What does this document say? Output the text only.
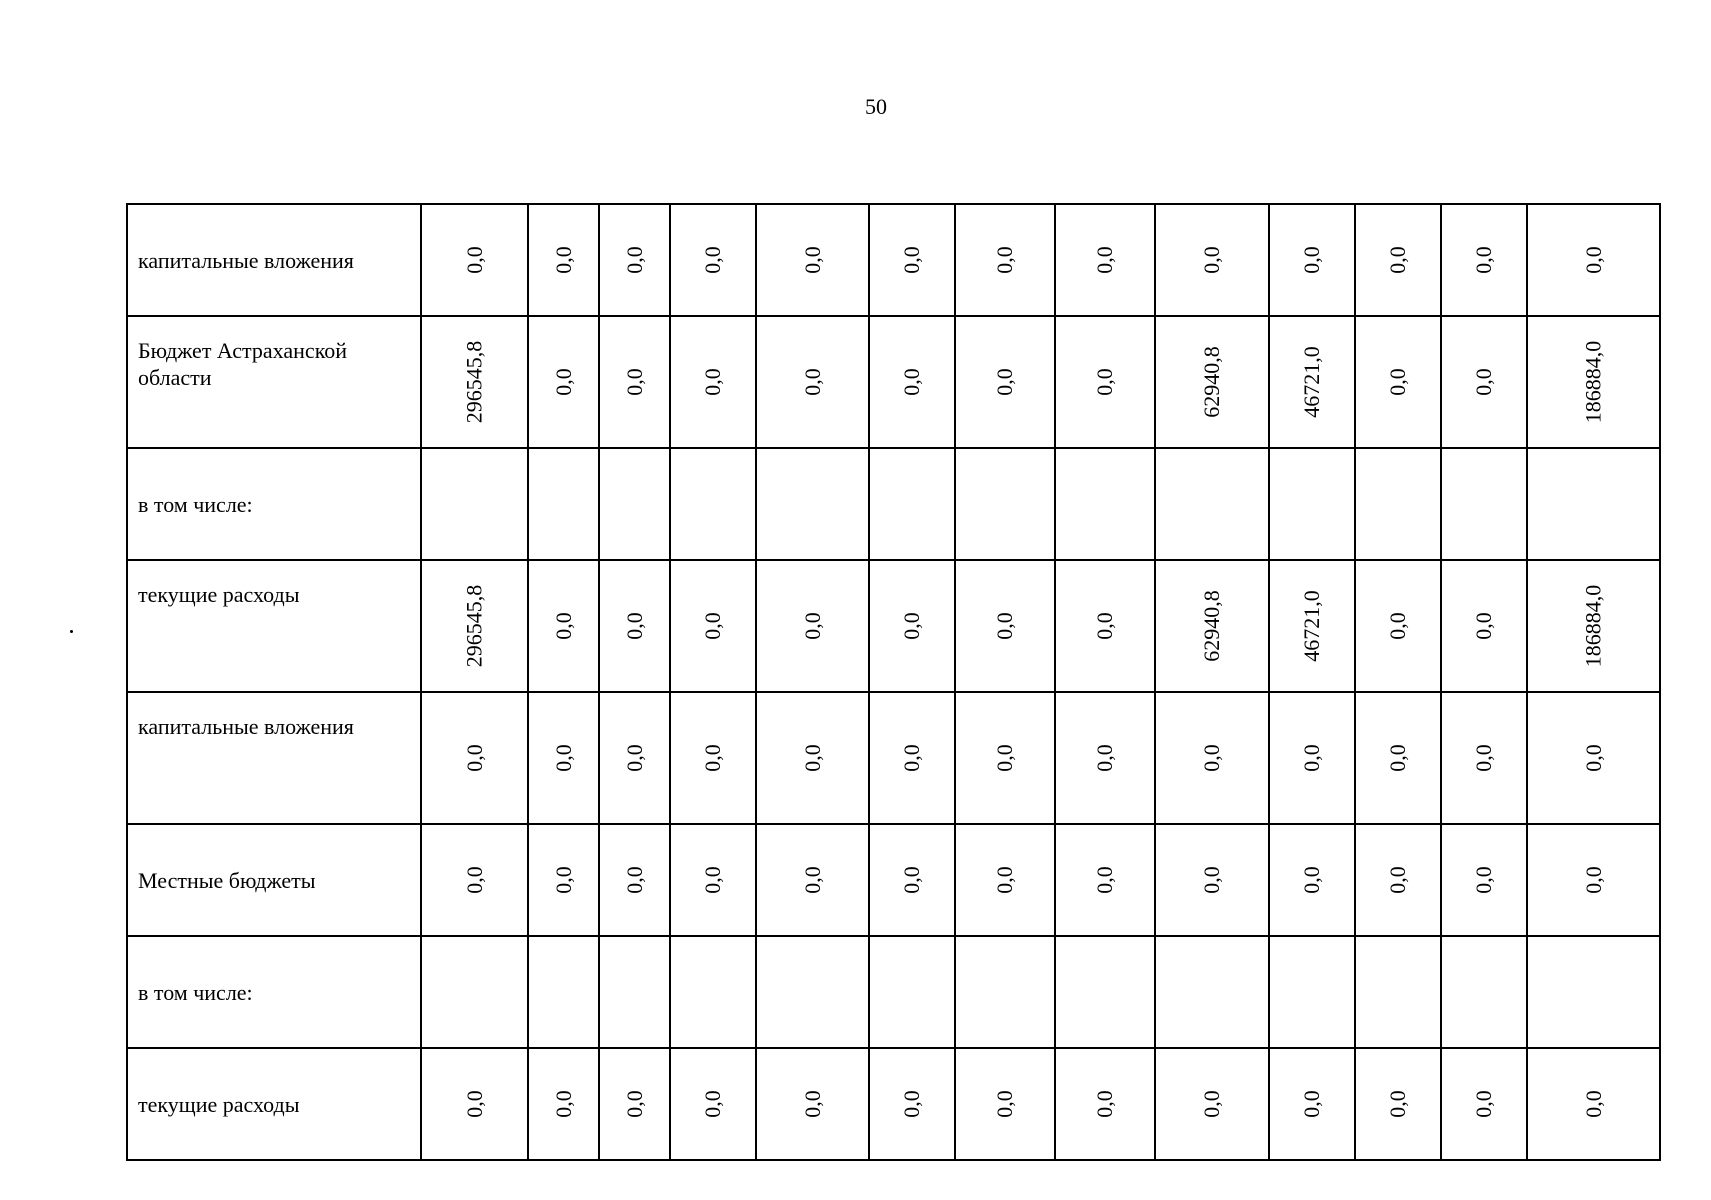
50
капитальные вложения	0,0	0,0	0,0	0,0	0,0	0,0	0,0	0,0	0,0	0,0	0,0	0,0	0,0
Бюджет Астраханской области	296545,8	0,0	0,0	0,0	0,0	0,0	0,0	0,0	62940,8	46721,0	0,0	0,0	186884,0
в том числе:													
текущие расходы	296545,8	0,0	0,0	0,0	0,0	0,0	0,0	0,0	62940,8	46721,0	0,0	0,0	186884,0
капитальные вложения	0,0	0,0	0,0	0,0	0,0	0,0	0,0	0,0	0,0	0,0	0,0	0,0	0,0
Местные бюджеты	0,0	0,0	0,0	0,0	0,0	0,0	0,0	0,0	0,0	0,0	0,0	0,0	0,0
в том числе:													
текущие расходы	0,0	0,0	0,0	0,0	0,0	0,0	0,0	0,0	0,0	0,0	0,0	0,0	0,0
